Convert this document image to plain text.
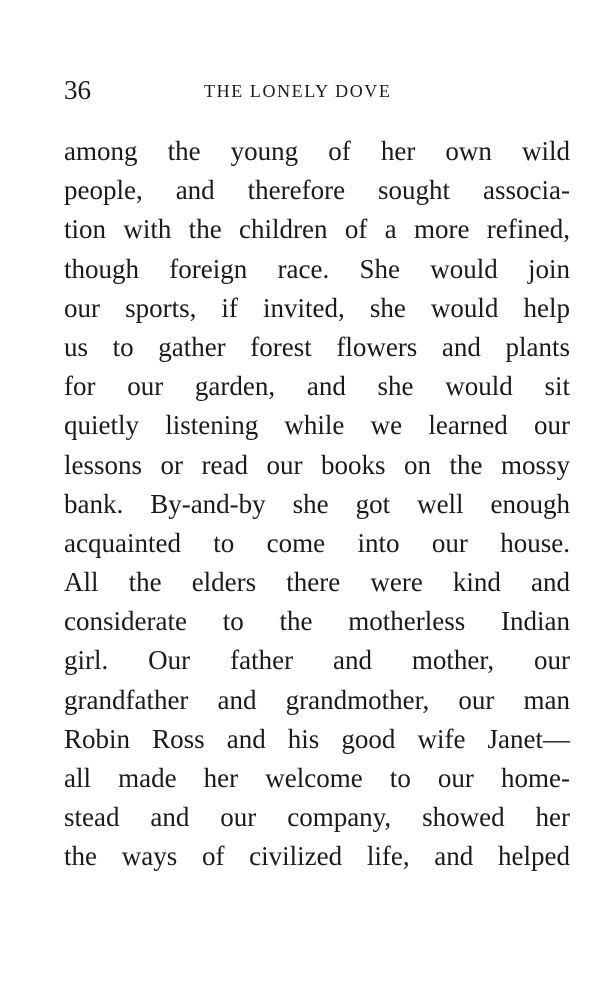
36	THE LONELY DOVE
among the young of her own wild
people, and therefore sought associa-
tion with the children of a more refined,
though foreign race. She would join
our sports, if invited, she would help
us to gather forest flowers and plants
for our garden, and she would sit
quietly listening while we learned our
lessons or read our books on the mossy
bank. By-and-by she got well enough
acquainted to come into our house.
All the elders there were kind and
considerate to the motherless Indian
girl. Our father and mother, our
grandfather and grandmother, our man
Robin Ross and his good wife Janet—
all made her welcome to our home-
stead and our company, showed her
the ways of civilized life, and helped
